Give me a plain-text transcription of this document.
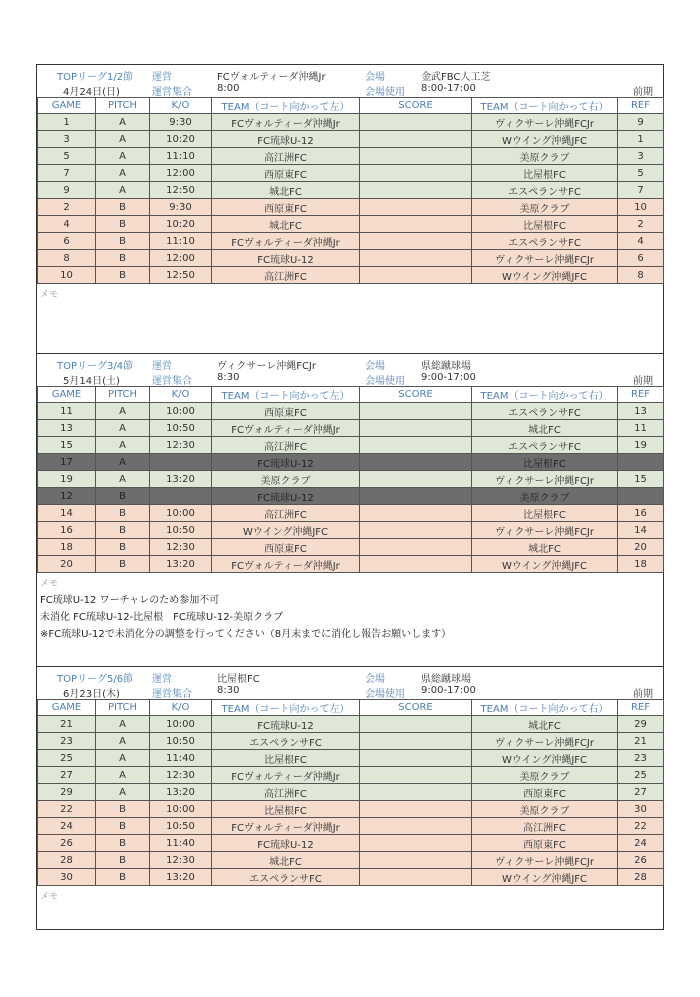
TOPリーグ1/2節
4月24日(日)
運営
運営集合
FCヴォルティーダ沖縄Jr
8:00
会場
会場使用
金武FBC人工芝
8:00-17:00	前期
GAME	PITCH	K/O	TEAM（コート向かって左）	SCORE	TEAM（コート向かって右）	REF
1	A	9:30	FCヴォルティーダ沖縄Jr		ヴィクサーレ沖縄FCJr	9
3	A	10:20	FC琉球U-12		Wウイング沖縄JFC	1
5	A	11:10	高江洲FC		美原クラブ	3
7	A	12:00	西原東FC		比屋根FC	5
9	A	12:50	城北FC		エスペランサFC	7
2	B	9:30	西原東FC		美原クラブ	10
4	B	10:20	城北FC		比屋根FC	2
6	B	11:10	FCヴォルティーダ沖縄Jr		エスペランサFC	4
8	B	12:00	FC琉球U-12		ヴィクサーレ沖縄FCJr	6
10	B	12:50	高江洲FC		Wウイング沖縄JFC	8
メモ
TOPリーグ3/4節
5月14日(土)
運営
運営集合
ヴィクサーレ沖縄FCJr
8:30
会場
会場使用
県総蹴球場
9:00-17:00	前期
GAME	PITCH	K/O	TEAM（コート向かって左）	SCORE	TEAM（コート向かって右）	REF
11	A	10:00	西原東FC		エスペランサFC	13
13	A	10:50	FCヴォルティーダ沖縄Jr		城北FC	11
15	A	12:30	高江洲FC		エスペランサFC	19
17	A		FC琉球U-12		比屋根FC	
19	A	13:20	美原クラブ		ヴィクサーレ沖縄FCJr	15
12	B		FC琉球U-12		美原クラブ	
14	B	10:00	高江洲FC		比屋根FC	16
16	B	10:50	Wウイング沖縄JFC		ヴィクサーレ沖縄FCJr	14
18	B	12:30	西原東FC		城北FC	20
20	B	13:20	FCヴォルティーダ沖縄Jr		Wウイング沖縄JFC	18
メモ
FC琉球U-12 ワーチャレのため参加不可
未消化 FC琉球U-12-比屋根　FC琉球U-12-美原クラブ
※FC琉球U-12で未消化分の調整を行ってください（8月末までに消化し報告お願いします）
TOPリーグ5/6節
6月23日(木)
運営
運営集合
比屋根FC
8:30
会場
会場使用
県総蹴球場
9:00-17:00	前期
GAME	PITCH	K/O	TEAM（コート向かって左）	SCORE	TEAM（コート向かって右）	REF
21	A	10:00	FC琉球U-12		城北FC	29
23	A	10:50	エスペランサFC		ヴィクサーレ沖縄FCJr	21
25	A	11:40	比屋根FC		Wウイング沖縄JFC	23
27	A	12:30	FCヴォルティーダ沖縄Jr		美原クラブ	25
29	A	13:20	高江洲FC		西原東FC	27
22	B	10:00	比屋根FC		美原クラブ	30
24	B	10:50	FCヴォルティーダ沖縄Jr		高江洲FC	22
26	B	11:40	FC琉球U-12		西原東FC	24
28	B	12:30	城北FC		ヴィクサーレ沖縄FCJr	26
30	B	13:20	エスペランサFC		Wウイング沖縄JFC	28
メモ
